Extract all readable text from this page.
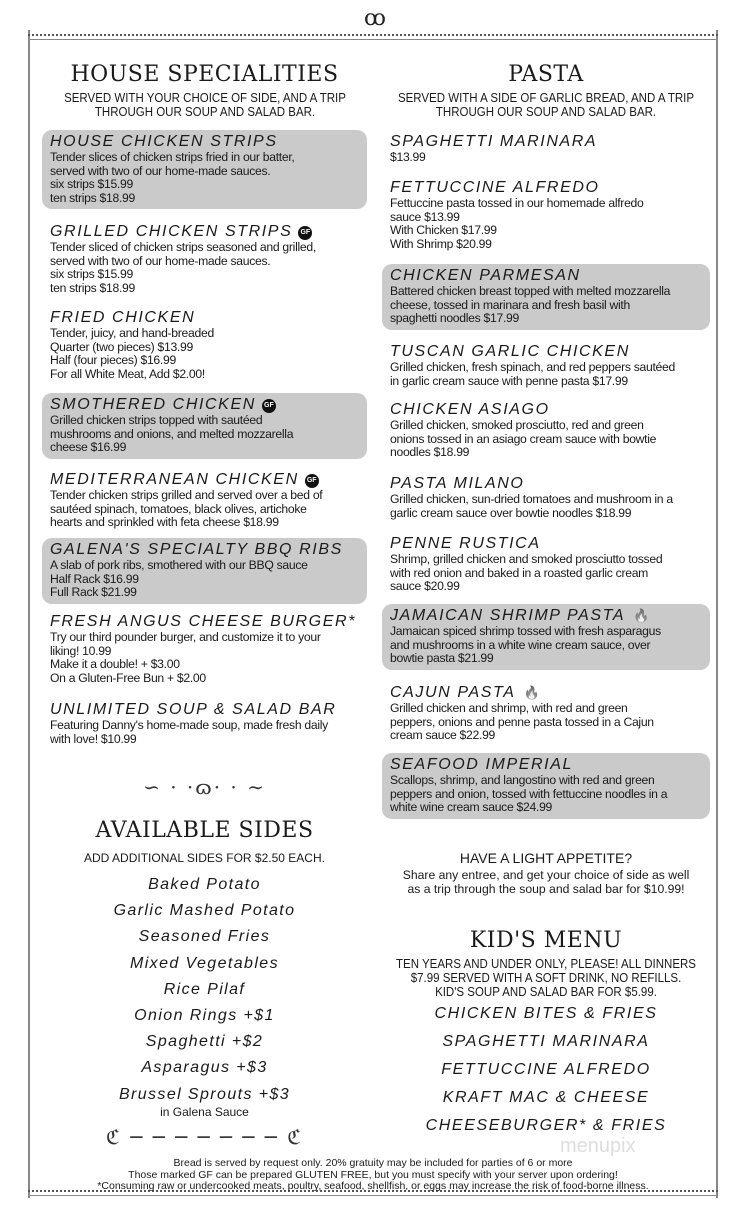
ꝏ
HOUSE SPECIALITIES
SERVED WITH YOUR CHOICE OF SIDE, AND A TRIP
THROUGH OUR SOUP AND SALAD BAR.
PASTA
SERVED WITH A SIDE OF GARLIC BREAD, AND A TRIP
THROUGH OUR SOUP AND SALAD BAR.
HOUSE CHICKEN STRIPS
Tender slices of chicken strips fried in our batter,
served with two of our home-made sauces.
six strips $15.99
ten strips $18.99
GRILLED CHICKEN STRIPS GF
Tender sliced of chicken strips seasoned and grilled,
served with two of our home-made sauces.
six strips $15.99
ten strips $18.99
FRIED CHICKEN
Tender, juicy, and hand-breaded
Quarter (two pieces) $13.99
Half (four pieces) $16.99
For all White Meat, Add $2.00!
SMOTHERED CHICKEN GF
Grilled chicken strips topped with sautéed
mushrooms and onions, and melted mozzarella
cheese $16.99
MEDITERRANEAN CHICKEN GF
Tender chicken strips grilled and served over a bed of
sautéed spinach, tomatoes, black olives, artichoke
hearts and sprinkled with feta cheese $18.99
GALENA'S SPECIALTY BBQ RIBS
A slab of pork ribs, smothered with our BBQ sauce
Half Rack $16.99
Full Rack $21.99
FRESH ANGUS CHEESE BURGER*
Try our third pounder burger, and customize it to your
liking! 10.99
Make it a double! + $3.00
On a Gluten-Free Bun + $2.00
UNLIMITED SOUP & SALAD BAR
Featuring Danny's home-made soup, made fresh daily
with love! $10.99
SPAGHETTI MARINARA
$13.99
FETTUCCINE ALFREDO
Fettuccine pasta tossed in our homemade alfredo
sauce $13.99
With Chicken $17.99
With Shrimp $20.99
CHICKEN PARMESAN
Battered chicken breast topped with melted mozzarella
cheese, tossed in marinara and fresh basil with
spaghetti noodles $17.99
TUSCAN GARLIC CHICKEN
Grilled chicken, fresh spinach, and red peppers sautéed
in garlic cream sauce with penne pasta $17.99
CHICKEN ASIAGO
Grilled chicken, smoked prosciutto, red and green
onions tossed in an asiago cream sauce with bowtie
noodles $18.99
PASTA MILANO
Grilled chicken, sun-dried tomatoes and mushroom in a
garlic cream sauce over bowtie noodles $18.99
PENNE RUSTICA
Shrimp, grilled chicken and smoked prosciutto tossed
with red onion and baked in a roasted garlic cream
sauce $20.99
JAMAICAN SHRIMP PASTA 🔥
Jamaican spiced shrimp tossed with fresh asparagus
and mushrooms in a white wine cream sauce, over
bowtie pasta $21.99
CAJUN PASTA 🔥
Grilled chicken and shrimp, with red and green
peppers, onions and penne pasta tossed in a Cajun
cream sauce $22.99
SEAFOOD IMPERIAL
Scallops, shrimp, and langostino with red and green
peppers and onion, tossed with fettuccine noodles in a
white wine cream sauce $24.99
∽ · ·ɷ· · ∼
AVAILABLE SIDES
ADD ADDITIONAL SIDES FOR $2.50 EACH.
Baked Potato
Garlic Mashed Potato
Seasoned Fries
Mixed Vegetables
Rice Pilaf
Onion Rings +$1
Spaghetti +$2
Asparagus +$3
Brussel Sprouts +$3
in Galena Sauce
ℭ ─ ─ ─ ─ ─ ─ ─ ℭ
HAVE A LIGHT APPETITE?
Share any entree, and get your choice of side as well
as a trip through the soup and salad bar for $10.99!
KID'S MENU
TEN YEARS AND UNDER ONLY, PLEASE! ALL DINNERS
$7.99 SERVED WITH A SOFT DRINK, NO REFILLS.
KID'S SOUP AND SALAD BAR FOR $5.99.
CHICKEN BITES & FRIES
SPAGHETTI MARINARA
FETTUCCINE ALFREDO
KRAFT MAC & CHEESE
CHEESEBURGER* & FRIES
menupix
Bread is served by request only. 20% gratuity may be included for parties of 6 or more
Those marked GF can be prepared GLUTEN FREE, but you must specify with your server upon ordering!
*Consuming raw or undercooked meats, poultry, seafood, shellfish, or eggs may increase the risk of food-borne illness.
